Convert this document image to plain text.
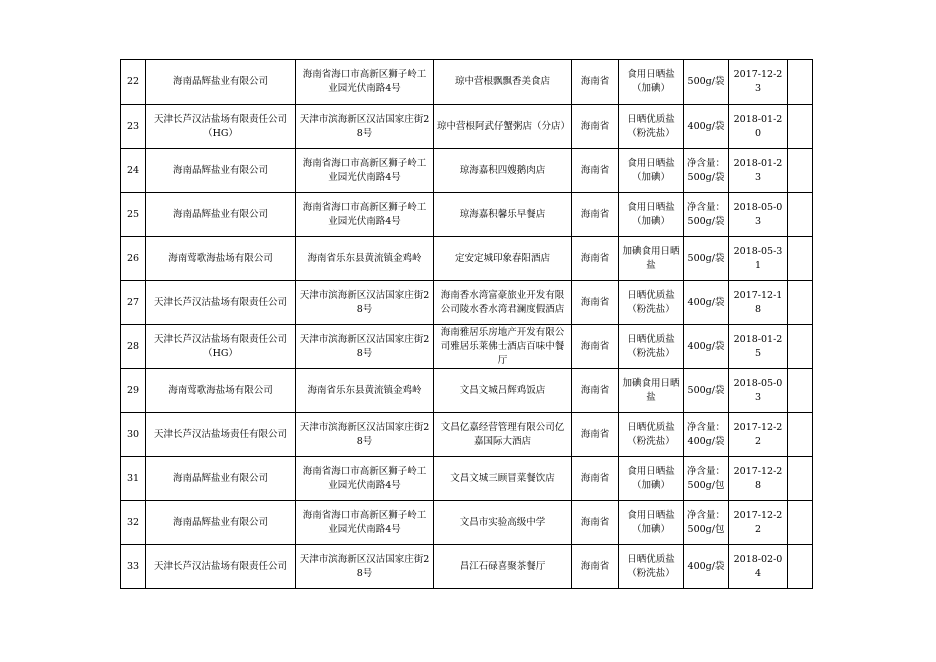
22	海南晶辉盐业有限公司	海南省海口市高新区狮子岭工业园光伏南路4号	琼中营根飘飘香美食店	海南省	食用日晒盐（加碘）	500g/袋	2017-12-23	
23	天津长芦汉沽盐场有限责任公司（HG）	天津市滨海新区汉沽国家庄街28号	琼中营根阿武仔蟹粥店（分店）	海南省	日晒优质盐（粉洗盐）	400g/袋	2018-01-20	
24	海南晶辉盐业有限公司	海南省海口市高新区狮子岭工业园光伏南路4号	琼海嘉积四嫂鹅肉店	海南省	食用日晒盐（加碘）	净含量：500g/袋	2018-01-23	
25	海南晶辉盐业有限公司	海南省海口市高新区狮子岭工业园光伏南路4号	琼海嘉积馨乐早餐店	海南省	食用日晒盐（加碘）	净含量：500g/袋	2018-05-03	
26	海南莺歌海盐场有限公司	海南省乐东县黄流镇金鸡岭	定安定城印象春阳酒店	海南省	加碘食用日晒盐	500g/袋	2018-05-31	
27	天津长芦汉沽盐场有限责任公司	天津市滨海新区汉沽国家庄街28号	海南香水湾富豪旅业开发有限公司陵水香水湾君澜度假酒店	海南省	日晒优质盐（粉洗盐）	400g/袋	2017-12-18	
28	天津长芦汉沽盐场有限责任公司（HG）	天津市滨海新区汉沽国家庄街28号	海南雅居乐房地产开发有限公司雅居乐莱佛士酒店百味中餐厅	海南省	日晒优质盐（粉洗盐）	400g/袋	2018-01-25	
29	海南莺歌海盐场有限公司	海南省乐东县黄流镇金鸡岭	文昌文城吕辉鸡饭店	海南省	加碘食用日晒盐	500g/袋	2018-05-03	
30	天津长芦汉沽盐场责任有限公司	天津市滨海新区汉沽国家庄街28号	文昌亿嘉经营管理有限公司亿嘉国际大酒店	海南省	日晒优质盐（粉洗盐）	净含量：400g/袋	2017-12-22	
31	海南晶辉盐业有限公司	海南省海口市高新区狮子岭工业园光伏南路4号	文昌文城三顾冒菜餐饮店	海南省	食用日晒盐（加碘）	净含量：500g/包	2017-12-28	
32	海南晶辉盐业有限公司	海南省海口市高新区狮子岭工业园光伏南路4号	文昌市实验高级中学	海南省	食用日晒盐（加碘）	净含量：500g/包	2017-12-22	
33	天津长芦汉沽盐场有限责任公司	天津市滨海新区汉沽国家庄街28号	昌江石碌喜聚茶餐厅	海南省	日晒优质盐（粉洗盐）	400g/袋	2018-02-04	
